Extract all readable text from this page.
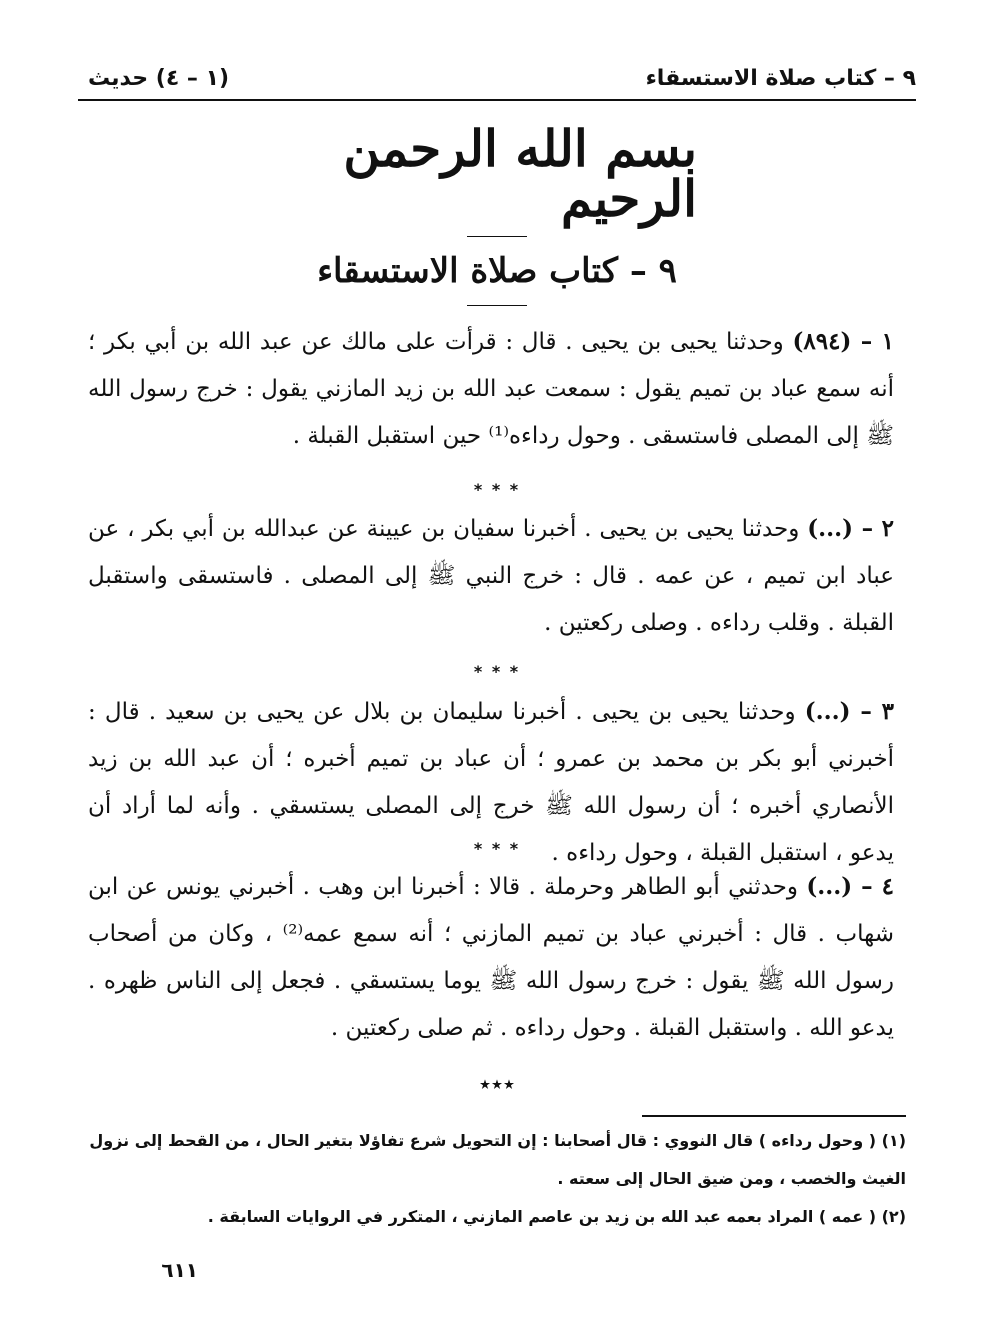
٩ – كتاب صلاة الاستسقاء
(١ – ٤) حديث
بسم الله الرحمن الرحيم
٩ – كتاب صلاة الاستسقاء
١ – (٨٩٤) وحدثنا يحيى بن يحيى . قال : قرأت على مالك عن عبد الله بن أبي بكر ؛ أنه سمع عباد بن تميم يقول : سمعت عبد الله بن زيد المازني يقول : خرج رسول الله ﷺ إلى المصلى فاستسقى . وحول رداءه⁽¹⁾ حين استقبل القبلة .
* * *
٢ – (...) وحدثنا يحيى بن يحيى . أخبرنا سفيان بن عيينة عن عبدالله بن أبي بكر ، عن عباد ابن تميم ، عن عمه . قال : خرج النبي ﷺ إلى المصلى . فاستسقى واستقبل القبلة . وقلب رداءه . وصلى ركعتين .
* * *
٣ – (...) وحدثنا يحيى بن يحيى . أخبرنا سليمان بن بلال عن يحيى بن سعيد . قال : أخبرني أبو بكر بن محمد بن عمرو ؛ أن عباد بن تميم أخبره ؛ أن عبد الله بن زيد الأنصاري أخبره ؛ أن رسول الله ﷺ خرج إلى المصلى يستسقي . وأنه لما أراد أن يدعو ، استقبل القبلة ، وحول رداءه .
* * *
٤ – (...) وحدثني أبو الطاهر وحرملة . قالا : أخبرنا ابن وهب . أخبرني يونس عن ابن شهاب . قال : أخبرني عباد بن تميم المازني ؛ أنه سمع عمه⁽²⁾ ، وكان من أصحاب رسول الله ﷺ يقول : خرج رسول الله ﷺ يوما يستسقي . فجعل إلى الناس ظهره . يدعو الله . واستقبل القبلة . وحول رداءه . ثم صلى ركعتين .
٭٭٭
(١) ( وحول رداءه ) قال النووي : قال أصحابنا : إن التحويل شرع تفاؤلا بتغير الحال ، من القحط إلى نزول الغيث والخصب ، ومن ضيق الحال إلى سعته .
(٢) ( عمه ) المراد بعمه عبد الله بن زيد بن عاصم المازني ، المتكرر في الروايات السابقة .
٦١١
